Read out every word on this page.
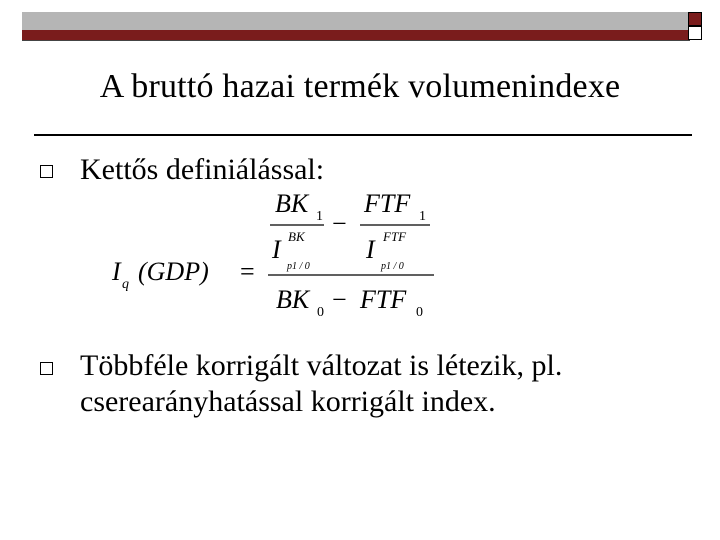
A bruttó hazai termék volumenindexe
Kettős definiálással:
I q (GDP) =
BK 1
I BK
p1 / 0
−
FTF 1
I FTF
p1 / 0
BK 0 − FTF 0
Többféle korrigált változat is létezik, pl. cserearányhatással korrigált index.
